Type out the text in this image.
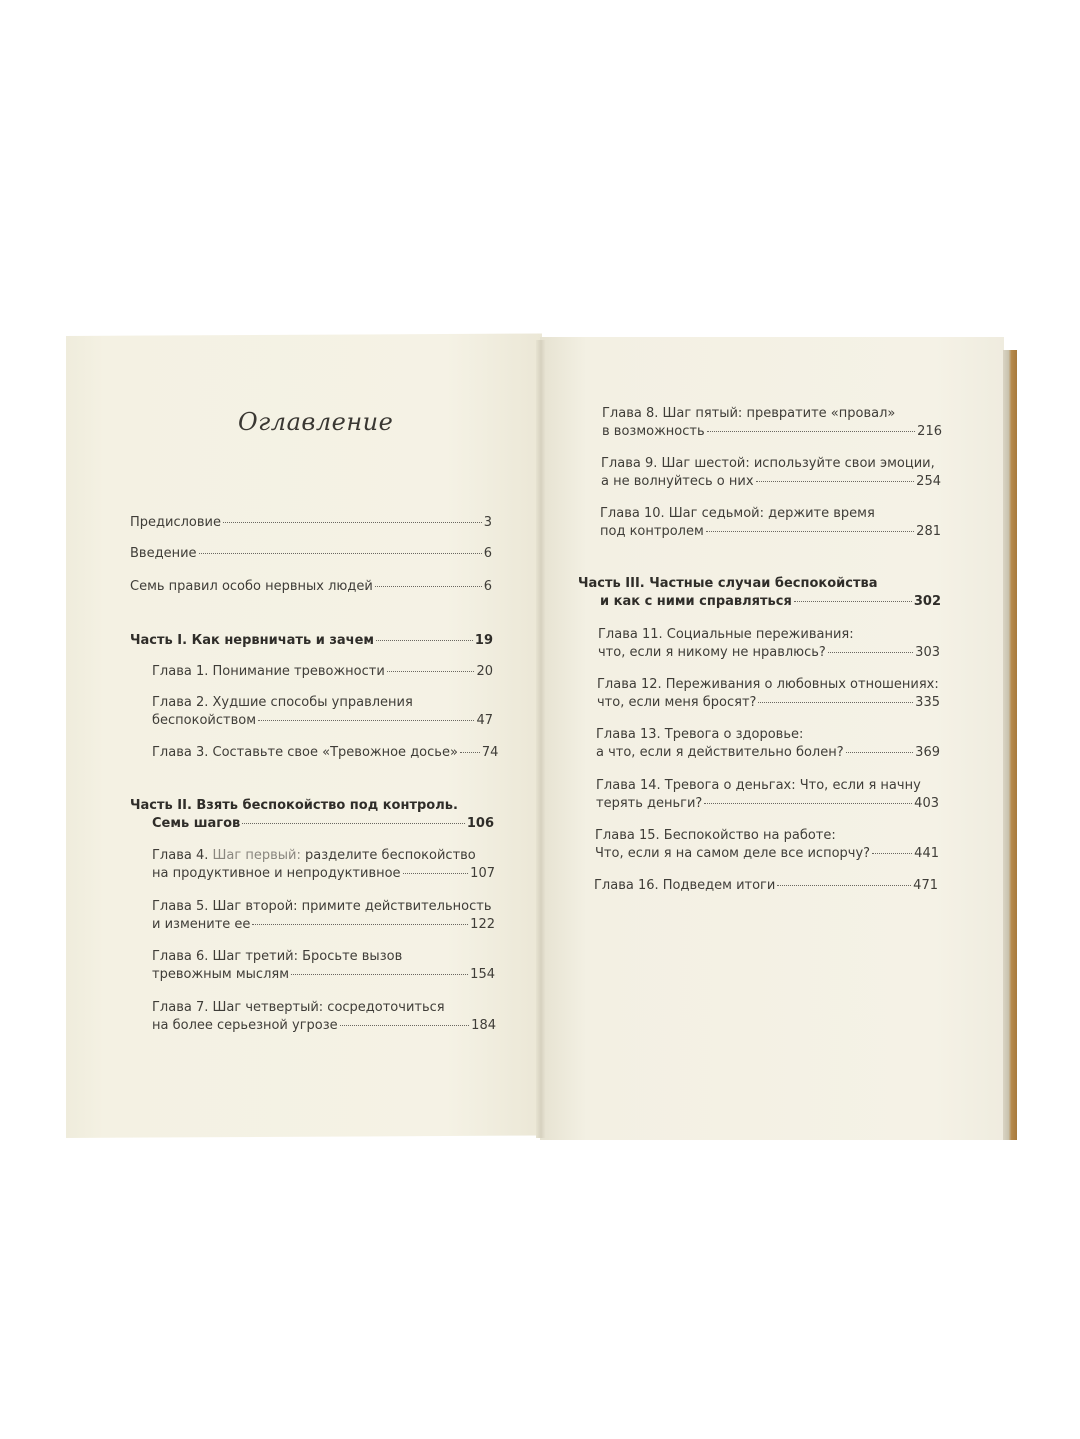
Оглавление
Предисловие	3
Введение	6
Семь правил особо нервных людей	6
Часть I. Как нервничать и зачем	19
Глава 1. Понимание тревожности	20
Глава 2. Худшие способы управления
беспокойством	47
Глава 3. Составьте свое «Тревожное досье» 74
Часть II. Взять беспокойство под контроль.
Семь шагов	106
Глава 4. Шаг первый: разделите беспокойство
на продуктивное и непродуктивное	107
Глава 5. Шаг второй: примите действительность
и измените ее	122
Глава 6. Шаг третий: Бросьте вызов
тревожным мыслям	154
Глава 7. Шаг четвертый: сосредоточиться
на более серьезной угрозе	184
Глава 8. Шаг пятый: превратите «провал»
в возможность	216
Глава 9. Шаг шестой: используйте свои эмоции,
а не волнуйтесь о них	254
Глава 10. Шаг седьмой: держите время
под контролем	281
Часть III. Частные случаи беспокойства
и как с ними справляться	302
Глава 11. Социальные переживания:
что, если я никому не нравлюсь?	303
Глава 12. Переживания о любовных отношениях:
что, если меня бросят?	335
Глава 13. Тревога о здоровье:
а что, если я действительно болен?	369
Глава 14. Тревога о деньгах: Что, если я начну
терять деньги?	403
Глава 15. Беспокойство на работе:
Что, если я на самом деле все испорчу?	441
Глава 16. Подведем итоги	471
